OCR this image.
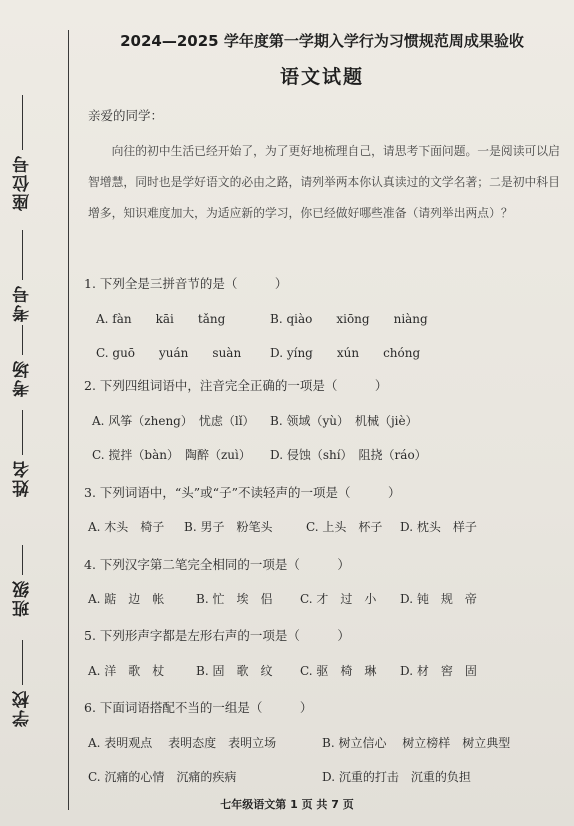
座位号
考号
考场
姓名
班级
学校
2024—2025 学年度第一学期入学行为习惯规范周成果验收
语文试题
亲爱的同学：
向往的初中生活已经开始了，为了更好地梳理自己，请思考下面问题。一是阅读可以启智增慧，同时也是学好语文的必由之路，请列举两本你认真读过的文学名著；二是初中科目增多，知识难度加大，为适应新的学习，你已经做好哪些准备（请列举出两点）？
1. 下列全是三拼音节的是（　　　）
A. fàn　　kāi　　tǎng	B. qiào　　xiōng　　niàng
C. guō　　yuán　　suàn D. yíng　　xún　　chóng
2. 下列四组词语中，注音完全正确的一项是（　　　）
A. 风筝（zheng）　忧虑（lǐ） B. 领域（yù）　机械（jiè）
C. 搅拌（bàn）　陶醉（zuì） D. 侵蚀（shí）　阻挠（ráo）
3. 下列词语中，“头”或“子”不读轻声的一项是（　　　）
A. 木头　椅子 B. 男子　粉笔头	C. 上头　杯子 D. 枕头　样子
4. 下列汉字第二笔完全相同的一项是（　　　）
A. 踮　边　帐	B. 忙　埃　侣 C. 才　过　小 D. 钝　规　帝
5. 下列形声字都是左形右声的一项是（　　　）
A. 洋　歌　杖	B. 固　歌　纹 C. 驱　椅　琳 D. 材　窖　固
6. 下面词语搭配不当的一组是（　　　）
A. 表明观点　 表明态度　表明立场	B. 树立信心　 树立榜样　树立典型
C. 沉痛的心情　沉痛的疾病	D. 沉重的打击　沉重的负担
七年级语文第 1 页 共 7 页
